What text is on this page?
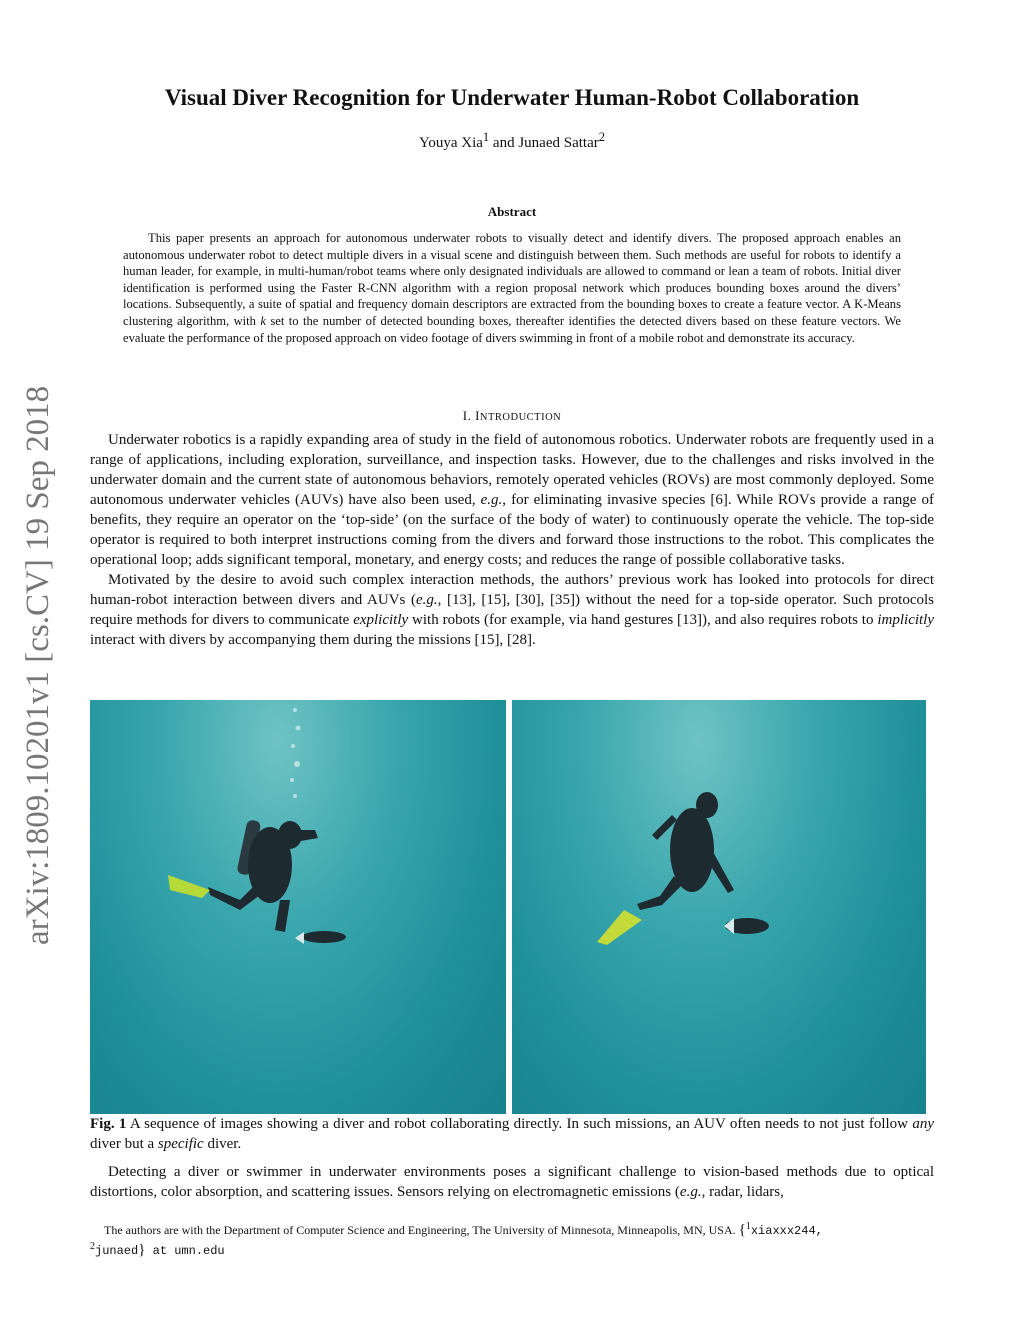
arXiv:1809.10201v1 [cs.CV] 19 Sep 2018
Visual Diver Recognition for Underwater Human-Robot Collaboration
Youya Xia$^1$ and Junaed Sattar$^2$
Abstract
This paper presents an approach for autonomous underwater robots to visually detect and identify divers. The proposed approach enables an autonomous underwater robot to detect multiple divers in a visual scene and distinguish between them. Such methods are useful for robots to identify a human leader, for example, in multi-human/robot teams where only designated individuals are allowed to command or lean a team of robots. Initial diver identification is performed using the Faster R-CNN algorithm with a region proposal network which produces bounding boxes around the divers’ locations. Subsequently, a suite of spatial and frequency domain descriptors are extracted from the bounding boxes to create a feature vector. A K-Means clustering algorithm, with k set to the number of detected bounding boxes, thereafter identifies the detected divers based on these feature vectors. We evaluate the performance of the proposed approach on video footage of divers swimming in front of a mobile robot and demonstrate its accuracy.
I. INTRODUCTION

Underwater robotics is a rapidly expanding area of study in the field of autonomous robotics. Underwater robots are frequently used in a range of applications, including exploration, surveillance, and inspection tasks. However, due to the challenges and risks involved in the underwater domain and the current state of autonomous behaviors, remotely operated vehicles (ROVs) are most commonly deployed. Some autonomous underwater vehicles (AUVs) have also been used, e.g., for eliminating invasive species [6]. While ROVs provide a range of benefits, they require an operator on the ‘top-side’ (on the surface of the body of water) to continuously operate the vehicle. The top-side operator is required to both interpret instructions coming from the divers and forward those instructions to the robot. This complicates the operational loop; adds significant temporal, monetary, and energy costs; and reduces the range of possible collaborative tasks.

Motivated by the desire to avoid such complex interaction methods, the authors’ previous work has looked into protocols for direct human-robot interaction between divers and AUVs (e.g., [13], [15], [30], [35]) without the need for a top-side operator. Such protocols require methods for divers to communicate explicitly with robots (for example, via hand gestures [13]), and also requires robots to implicitly interact with divers by accompanying them during the missions [15], [28].

Fig. 1 A sequence of images showing a diver and robot collaborating directly. In such missions, an AUV often needs to not just follow any diver but a specific diver.

Detecting a diver or swimmer in underwater environments poses a significant challenge to vision-based methods due to optical distortions, color absorption, and scattering issues. Sensors relying on electromagnetic emissions (e.g., radar, lidars,

The authors are with the Department of Computer Science and Engineering, The University of Minnesota, Minneapolis, MN, USA. {$^1$xiaxxx244,
$^2$junaed} at umn.edu
